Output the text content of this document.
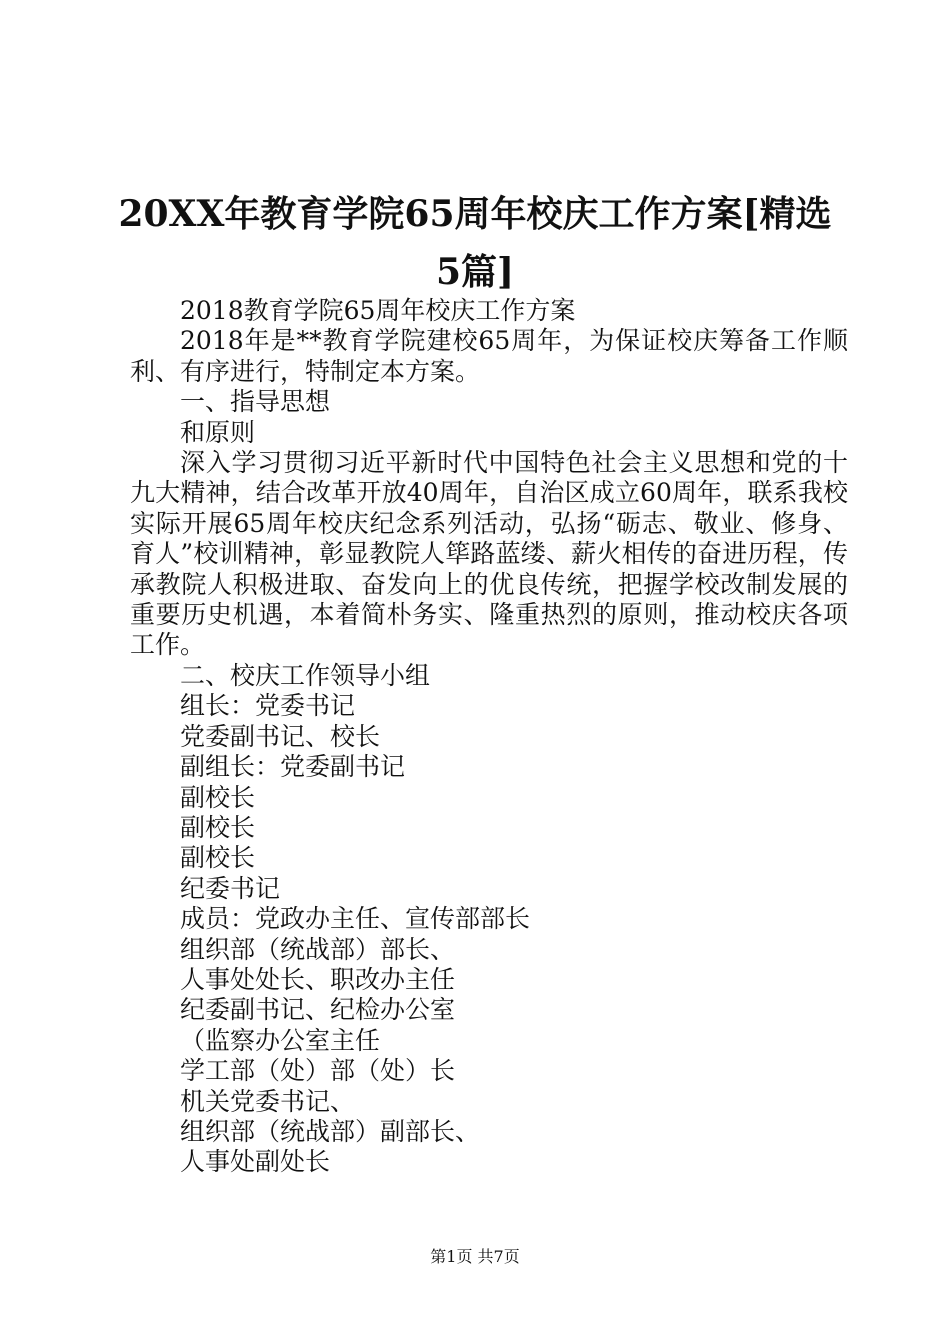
20XX年教育学院65周年校庆工作方案[精选5篇]

2018教育学院65周年校庆工作方案

2018年是**教育学院建校65周年，为保证校庆筹备工作顺利、有序进行，特制定本方案。

一、指导思想

和原则

深入学习贯彻习近平新时代中国特色社会主义思想和党的十九大精神，结合改革开放40周年，自治区成立60周年，联系我校实际开展65周年校庆纪念系列活动，弘扬“砺志、敬业、修身、育人”校训精神，彰显教院人筚路蓝缕、薪火相传的奋进历程，传承教院人积极进取、奋发向上的优良传统，把握学校改制发展的重要历史机遇，本着简朴务实、隆重热烈的原则，推动校庆各项工作。

二、校庆工作领导小组

组长：党委书记

党委副书记、校长

副组长：党委副书记

副校长

副校长

副校长

纪委书记

成员：党政办主任、宣传部部长

组织部（统战部）部长、

人事处处长、职改办主任

纪委副书记、纪检办公室

（监察办公室主任

学工部（处）部（处）长

机关党委书记、

组织部（统战部）副部长、

人事处副处长

第1页 共7页
